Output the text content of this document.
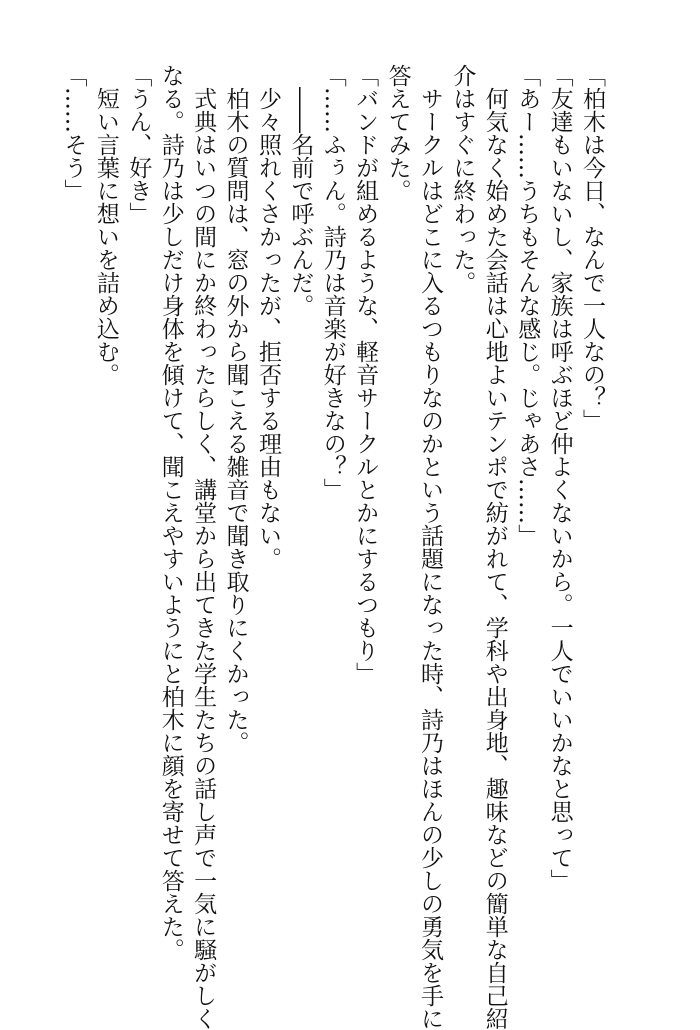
「柏木は今日、なんで一人なの？」
「友達もいないし、家族は呼ぶほど仲よくないから。一人でいいかなと思って」
「あー……うちもそんな感じ。じゃあさ……」
何気なく始めた会話は心地よいテンポで紡がれて、学科や出身地、趣味などの簡単な自己紹
介はすぐに終わった。
サークルはどこに入るつもりなのかという話題になった時、詩乃はほんの少しの勇気を手に
答えてみた。
「バンドが組めるような、軽音サークルとかにするつもり」
「……ふぅん。詩乃は音楽が好きなの？」
――名前で呼ぶんだ。
少々照れくさかったが、拒否する理由もない。
柏木の質問は、窓の外から聞こえる雑音で聞き取りにくかった。
式典はいつの間にか終わったらしく、講堂から出てきた学生たちの話し声で一気に騒がしく
なる。詩乃は少しだけ身体を傾けて、聞こえやすいようにと柏木に顔を寄せて答えた。
「うん、好き」
短い言葉に想いを詰め込む。
「……そう」
